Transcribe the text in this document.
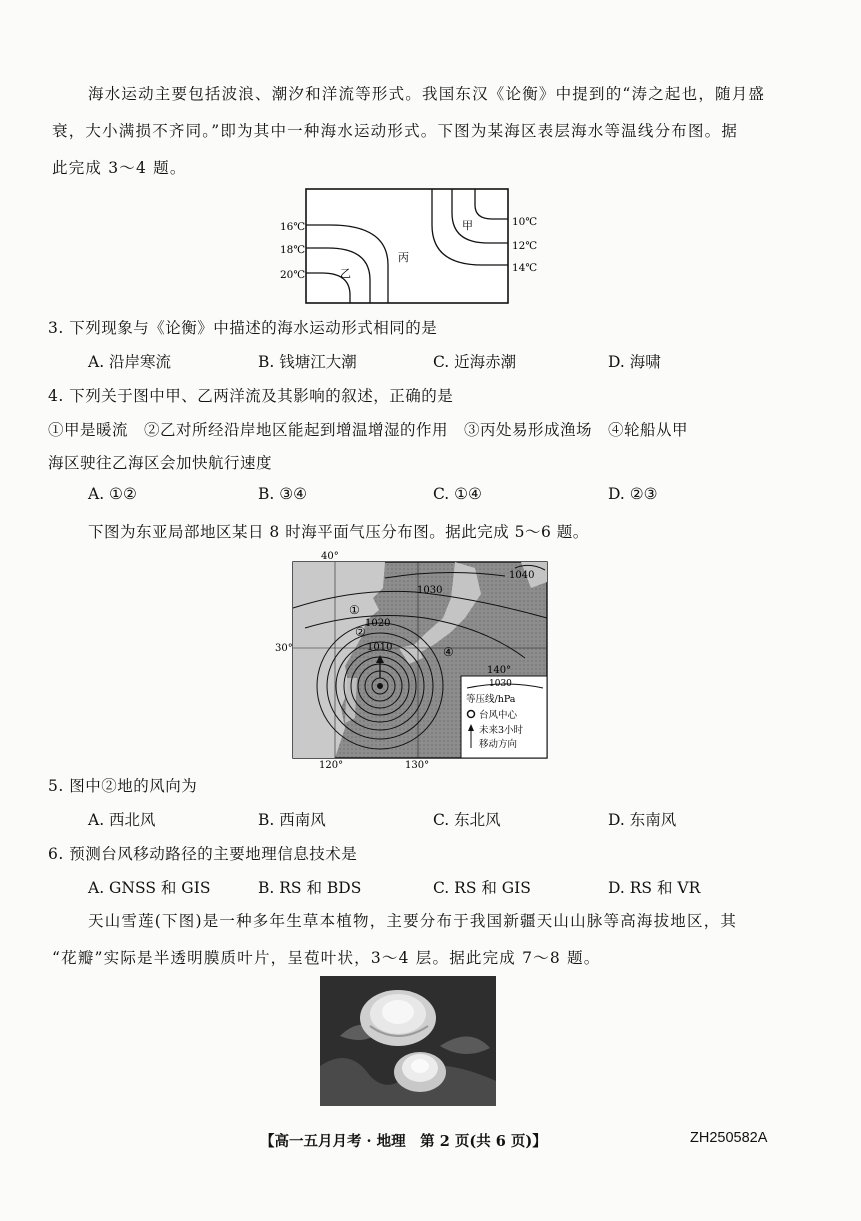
海水运动主要包括波浪、潮汐和洋流等形式。我国东汉《论衡》中提到的“涛之起也，随月盛
衰，大小满损不齐同。”即为其中一种海水运动形式。下图为某海区表层海水等温线分布图。据
此完成 3～4 题。
16℃
18℃
20℃
10℃
12℃
14℃
甲
乙
丙
3. 下列现象与《论衡》中描述的海水运动形式相同的是
A. 沿岸寒流	B. 钱塘江大潮	C. 近海赤潮	D. 海啸
4. 下列关于图中甲、乙两洋流及其影响的叙述，正确的是
①甲是暖流　②乙对所经沿岸地区能起到增温增湿的作用　③丙处易形成渔场　④轮船从甲
海区驶往乙海区会加快航行速度
A. ①②	B. ③④	C. ①④	D. ②③
下图为东亚局部地区某日 8 时海平面气压分布图。据此完成 5～6 题。
40°
30°
120°	130°
140°
1040
1030
1020
1010
①
②
④
1030
等压线/hPa
台风中心
未来3小时
移动方向
5. 图中②地的风向为
A. 西北风	B. 西南风	C. 东北风	D. 东南风
6. 预测台风移动路径的主要地理信息技术是
A. GNSS 和 GIS	B. RS 和 BDS	C. RS 和 GIS	D. RS 和 VR
天山雪莲(下图)是一种多年生草本植物，主要分布于我国新疆天山山脉等高海拔地区，其
“花瓣”实际是半透明膜质叶片，呈苞叶状，3～4 层。据此完成 7～8 题。
【高一五月月考 · 地理　第 2 页(共 6 页)】	ZH250582A
